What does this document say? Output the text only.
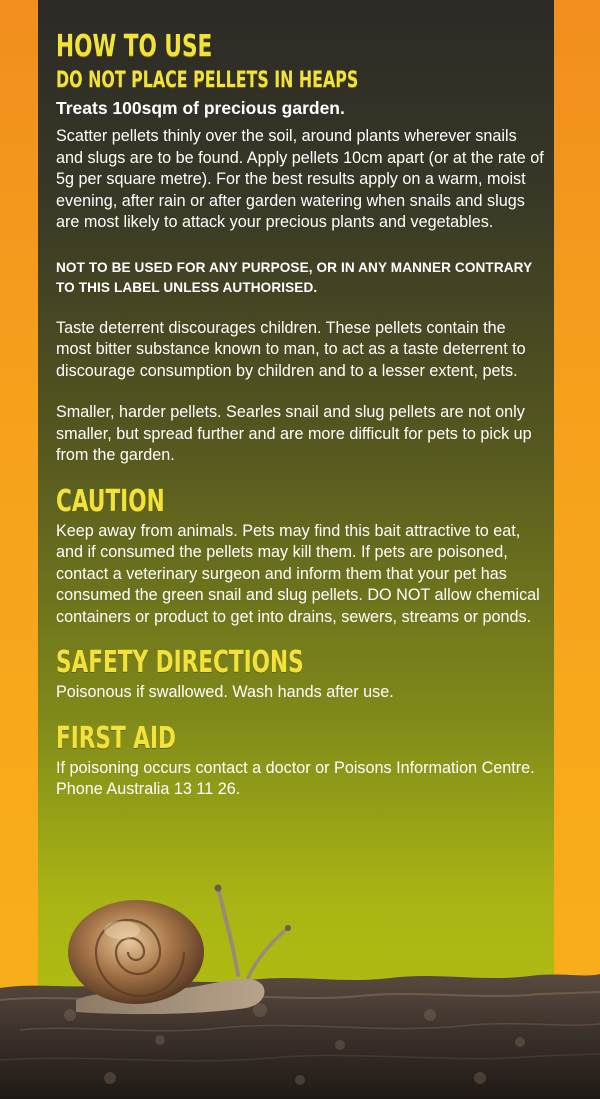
HOW TO USE
DO NOT PLACE PELLETS IN HEAPS
Treats 100sqm of precious garden.

Scatter pellets thinly over the soil, around plants wherever snails and slugs are to be found. Apply pellets 10cm apart (or at the rate of 5g per square metre). For the best results apply on a warm, moist evening, after rain or after garden watering when snails and slugs are most likely to attack your precious plants and vegetables.

NOT TO BE USED FOR ANY PURPOSE, OR IN ANY MANNER CONTRARY TO THIS LABEL UNLESS AUTHORISED.

Taste deterrent discourages children. These pellets contain the most bitter substance known to man, to act as a taste deterrent to discourage consumption by children and to a lesser extent, pets.

Smaller, harder pellets. Searles snail and slug pellets are not only smaller, but spread further and are more difficult for pets to pick up from the garden.

CAUTION

Keep away from animals. Pets may find this bait attractive to eat, and if consumed the pellets may kill them. If pets are poisoned, contact a veterinary surgeon and inform them that your pet has consumed the green snail and slug pellets. DO NOT allow chemical containers or product to get into drains, sewers, streams or ponds.

SAFETY DIRECTIONS

Poisonous if swallowed. Wash hands after use.

FIRST AID

If poisoning occurs contact a doctor or Poisons Information Centre. Phone Australia 13 11 26.
